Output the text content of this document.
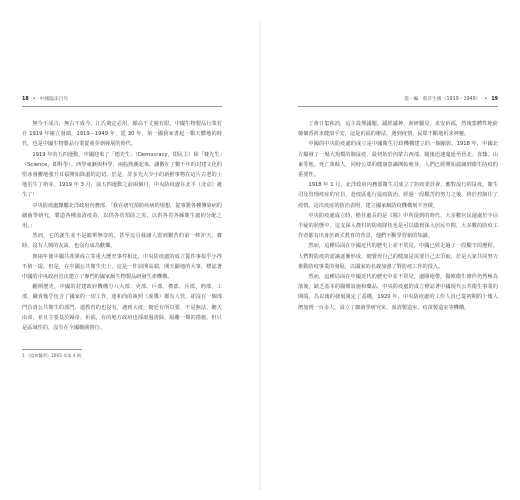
18 • 中國臨床百年

無今不成古，無古不成今。江氏奠定必用，頗高千丈豬有限，中國生物製品行業若在 1919 年確立發端，1919－1949 年，從 30 年，第一國我家書起一顆天體地的時代，也是中國生物製品行業從萌芽到發展的時代。

1919 年的五四運動，中國迎來了「德先生」（Democracy，即民主）和「賽先生」（Science，即科學）。西學東漸與科學，兩股熱潮起來，讓數在了數千年的封建文化的堅冰發腰地強升耳福開始降溫的迫切。於是，許多先大少小的新鮮事物在這片古老的土地茁生了萌芽。1919 年 3 月，前五四運動之前兩個月，中央防疫處在北平（北京）誕生了！

中央防疫處隸屬北洋政府內務部，「我在研究預防疾病的規想，從事製各種傳染病的細菌學研究，製造各種血清疫苗，以供各省預防之需，以供各省各縣衛生處的分配之用。」

然而，它的誕生並不是簡單無奈的，甚至這引發讓人震到艱苦的第一棒沖天，賽時，沒有人興的友誼，也沒有成為歡樂。

與兩年後中國共產黨成立等重大歷史事件相比，中央防疫處的成立從件事似乎小得不值一提。但是，在中國公共衛生史上，這是一件前開高端，開天闢地的大事，標誌著中國的中央政府首次建立了專門的國家級生物製品研發生產機構。

翻開歷史，中國的封建政府機構分八大部：吏部、戶部、禮部、兵部、刑部、工部，職責幾乎包含了國家的一切工作，連和尚的執照（度牒）都有人管，卻沒有一個部門負責公共衛生的部門，連教育的也沒有，遇到大疫，朝廷有所以要，不是無法，聽天由命，並且主要基於歸帝、祈福，有的地方政府也採取過清除、隔離一類的措施，但只是區域性的，沒有在全國範圍推行。

1 《協和醫學》2003 年第 4 期。
第一編 萌芽生根（1919－1949） • 19

了會日集和消，這主設埋議題，議經議神，新研屬見。求安祈福，然後集體性地紛燒個香祈求健康平安，這是祈福的辦法，遇到疫情，民眾不斷地祈求神靈。

中國的中央防疫處的成立是中國衛生行政機構建立的一個縮影。1918 年，中國北方爆發了一場大規模的肺鼠疫，最初始於內蒙古西部，隨後迅速蔓延至晉北、直隸、山東等地，死亡萬餘人。同時公眾的健康意識開始萌芽，人們已經開始認識到衛生防疫的重要性。

1918 年 1 月，北洋政府內務部衛生司成立了防疫委員會，應對流行的鼠疫，衛生司及管理疫症的官員，赴疫區進行鼠疫防治。經過一段艱苦的努力之後，終於控制住了疫情。這次疫症的防治表明，建立國家級防疫機構刻不容緩。

中央防疫處成立時，擔任處長的是《醫》中所提到的時代，大多數官民還處於半信半疑的狀態中。這支深入農村的防疫隊伍也是可以做到深入居民中間，大多數的防疫工作者都有出身於新式教育的背景，他們不斷學習新的知識。

然而，這種局面在中國近代的歷史上並不常見，中國已經走過了一段艱辛的歷程。人們對防疫的認識逐漸形成，總覺得自己的健康是需要自己去爭取，於是大家共同努力推動防疫事業的發展，以國家的名義加強了對防疫工作的投入。

然而，這種局面在中國近代的歷史中並不常見，邊陲地帶，醫療衛生條件仍然極為落後，缺乏基本的醫療設施和藥品。中央防疫處的成立標誌著中國現代公共衛生事業的開端，為以後的發展奠定了基礎，1920 年，中央防疫處的工作人員已從初期的十幾人增加到一百多人，設立了細菌學研究室、血清製造室、痘苗製造室等機構。
